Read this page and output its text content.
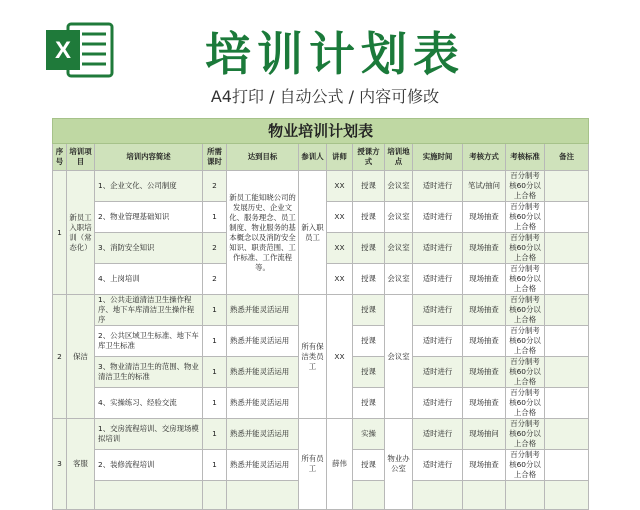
X	培训计划表
A4打印 / 自动公式 / 内容可修改
物业培训计划表												
序号	培训项目	培训内容简述	所需课时	达到目标	参训人	讲师	授课方式	培训地点	实施时间	考核方式	考核标准	备注
1	新员工入职培训（常态化）	1、企业文化、公司制度	2	新员工能知晓公司的发展历史、企业文化、服务理念、员工制度、物业服务的基本概念以及消防安全知识、职责范围、工作标准、工作流程等。	新入职员工	XX	授课	会议室	适时进行	笔试/抽问	百分制考核60分以上合格	
		2、物业管理基础知识	1			XX	授课	会议室	适时进行	现场抽查	百分制考核60分以上合格	
		3、消防安全知识	2			XX	授课	会议室	适时进行	现场抽查	百分制考核60分以上合格	
		4、上岗培训	2			XX	授课	会议室	适时进行	现场抽查	百分制考核60分以上合格	
2	保洁	1、公共走道清洁卫生操作程序、地下车库清洁卫生操作程序	1	熟悉并能灵活运用	所有保洁类员工	XX	授课	会议室	适时进行	现场抽查	百分制考核60分以上合格	
		2、公共区域卫生标准、地下车库卫生标准	1	熟悉并能灵活运用			授课		适时进行	现场抽查	百分制考核60分以上合格	
		3、物业清洁卫生的范围、物业清洁卫生的标准	1	熟悉并能灵活运用			授课		适时进行	现场抽查	百分制考核60分以上合格	
		4、实操练习、经验交流	1	熟悉并能灵活运用			授课		适时进行	现场抽查	百分制考核60分以上合格	
3	客服	1、交房流程培训、交房现场模拟培训	1	熟悉并能灵活运用	所有员工	薛伟	实操	物业办公室	适时进行	现场抽问	百分制考核60分以上合格	
		2、装修流程培训	1	熟悉并能灵活运用			授课		适时进行	现场抽查	百分制考核60分以上合格	
